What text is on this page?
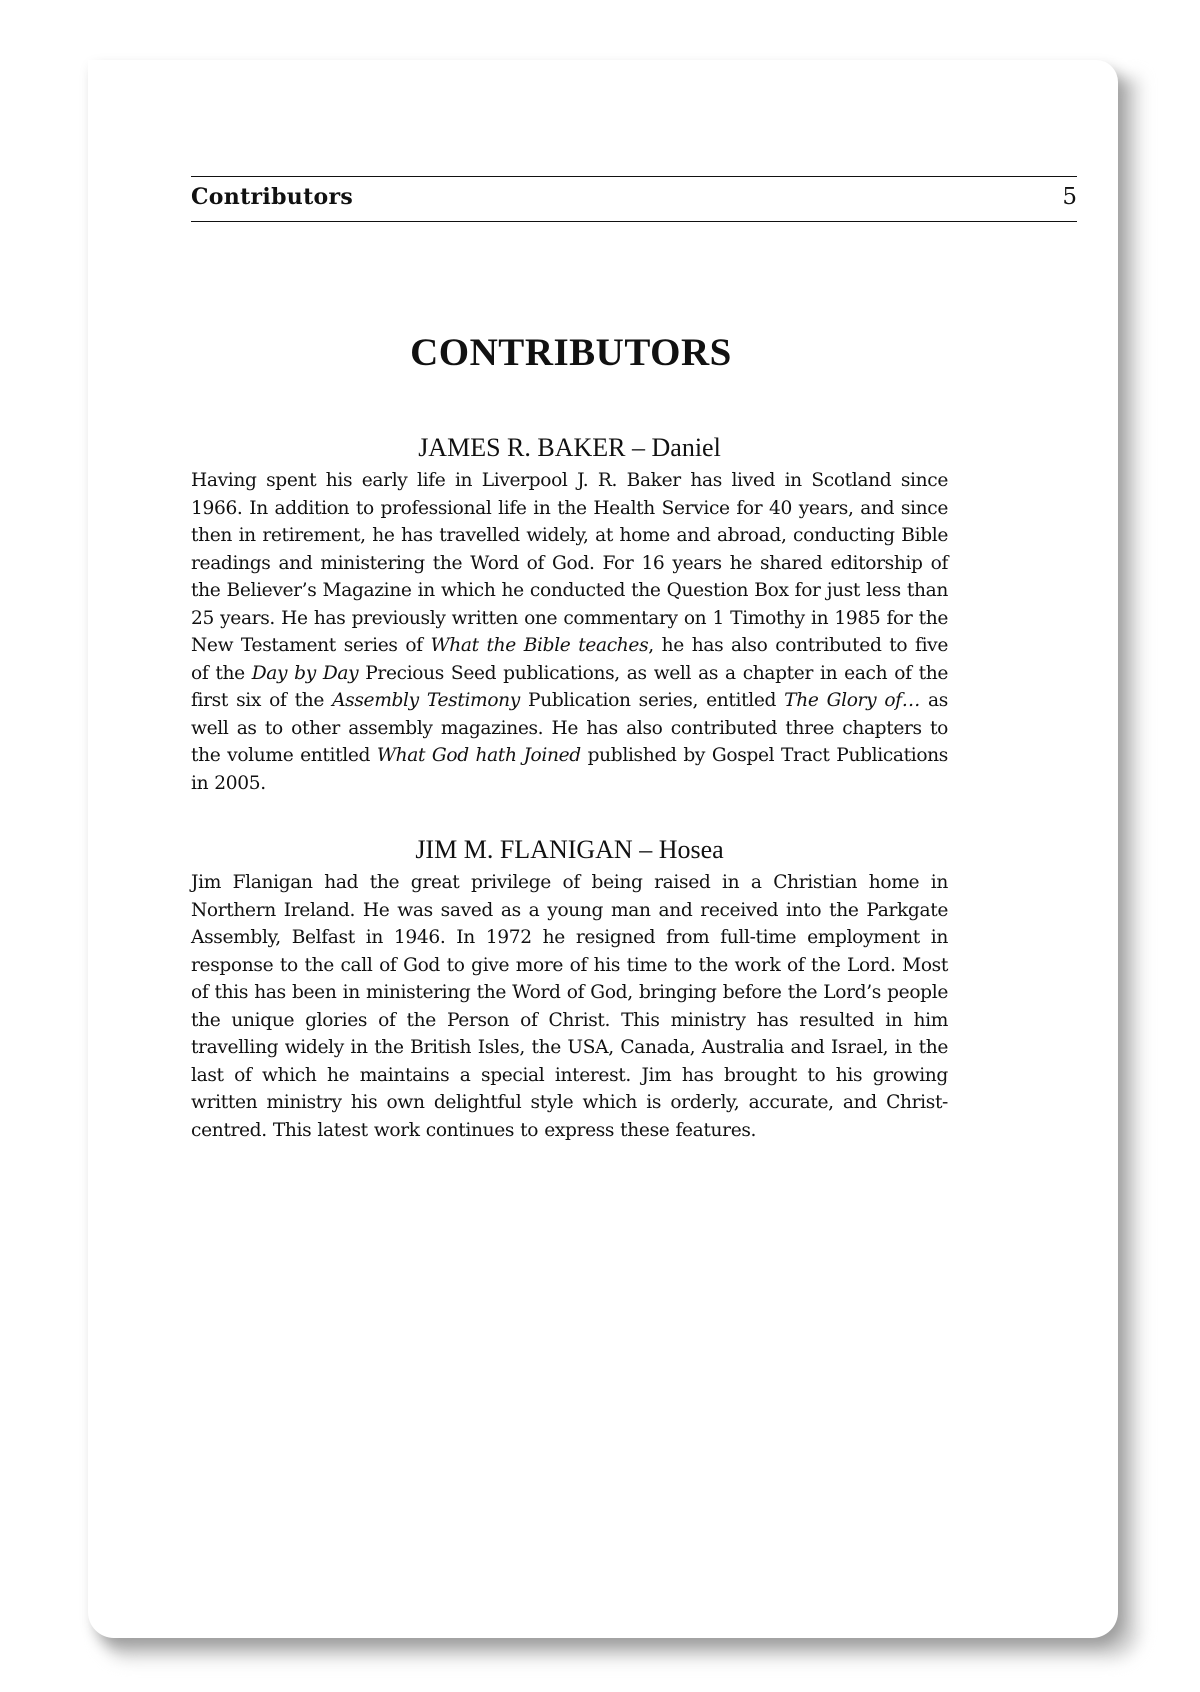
Contributors	5
CONTRIBUTORS
JAMES R. BAKER – Daniel

Having spent his early life in Liverpool J. R. Baker has lived in Scotland since 1966. In addition to professional life in the Health Service for 40 years, and since then in retirement, he has travelled widely, at home and abroad, conducting Bible readings and ministering the Word of God. For 16 years he shared editorship of the Believer’s Magazine in which he conducted the Question Box for just less than 25 years. He has previously written one commentary on 1 Timothy in 1985 for the New Testament series of What the Bible teaches, he has also contributed to five of the Day by Day Precious Seed publications, as well as a chapter in each of the first six of the Assembly Testimony Publication series, entitled The Glory of… as well as to other assembly magazines. He has also contributed three chapters to the volume entitled What God hath Joined published by Gospel Tract Publications in 2005.

JIM M. FLANIGAN – Hosea

Jim Flanigan had the great privilege of being raised in a Christian home in Northern Ireland. He was saved as a young man and received into the Parkgate Assembly, Belfast in 1946. In 1972 he resigned from full-time employment in response to the call of God to give more of his time to the work of the Lord. Most of this has been in ministering the Word of God, bringing before the Lord’s people the unique glories of the Person of Christ. This ministry has resulted in him travelling widely in the British Isles, the USA, Canada, Australia and Israel, in the last of which he maintains a special interest. Jim has brought to his growing written ministry his own delightful style which is orderly, accurate, and Christ-centred. This latest work continues to express these features.
